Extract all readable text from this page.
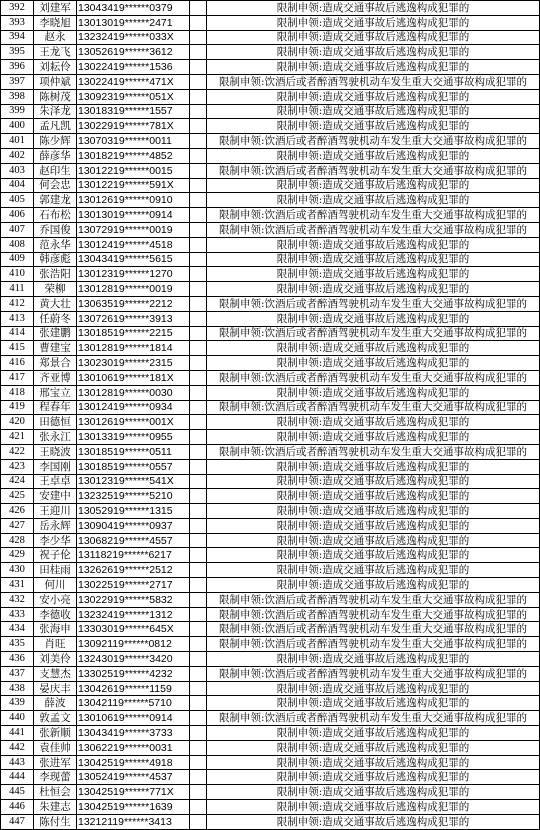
392	刘建军	13043419******0379		限制申领:造成交通事故后逃逸构成犯罪的
393	李晓旭	13013019******2471		限制申领:造成交通事故后逃逸构成犯罪的
394	赵永	13232419******033X		限制申领:造成交通事故后逃逸构成犯罪的
395	王龙飞	13052619******3612		限制申领:造成交通事故后逃逸构成犯罪的
396	刘耘伶	13022419******1536		限制申领:造成交通事故后逃逸构成犯罪的
397	项仲斌	13022419******471X		限制申领:饮酒后或者醉酒驾驶机动车发生重大交通事故构成犯罪的
398	陈树茂	13092319******051X		限制申领:造成交通事故后逃逸构成犯罪的
399	朱泽龙	13018319******1557		限制申领:造成交通事故后逃逸构成犯罪的
400	孟凡凯	13022919******781X		限制申领:造成交通事故后逃逸构成犯罪的
401	陈少辉	13070319******0011		限制申领:饮酒后或者醉酒驾驶机动车发生重大交通事故构成犯罪的
402	薛彦华	13018219******4852		限制申领:造成交通事故后逃逸构成犯罪的
403	赵印生	13012219******0015		限制申领:饮酒后或者醉酒驾驶机动车发生重大交通事故构成犯罪的
404	何会忠	13012219******591X		限制申领:造成交通事故后逃逸构成犯罪的
405	郭建龙	13012619******0910		限制申领:造成交通事故后逃逸构成犯罪的
406	石布松	13013019******0914		限制申领:饮酒后或者醉酒驾驶机动车发生重大交通事故构成犯罪的
407	乔国俊	13072919******0019		限制申领:饮酒后或者醉酒驾驶机动车发生重大交通事故构成犯罪的
408	范永华	13012419******4518		限制申领:造成交通事故后逃逸构成犯罪的
409	韩彦彪	13043419******5615		限制申领:造成交通事故后逃逸构成犯罪的
410	张浩阳	13012319******1270		限制申领:造成交通事故后逃逸构成犯罪的
411	荣柳	13012819******0019		限制申领:造成交通事故后逃逸构成犯罪的
412	黄大壮	13063519******2212		限制申领:饮酒后或者醉酒驾驶机动车发生重大交通事故构成犯罪的
413	任蔚冬	13072619******3913		限制申领:造成交通事故后逃逸构成犯罪的
414	张建鹏	13018519******2215		限制申领:饮酒后或者醉酒驾驶机动车发生重大交通事故构成犯罪的
415	曹建宝	13012819******1814		限制申领:造成交通事故后逃逸构成犯罪的
416	郑景合	13023019******2315		限制申领:造成交通事故后逃逸构成犯罪的
417	齐亚博	13010619******181X		限制申领:饮酒后或者醉酒驾驶机动车发生重大交通事故构成犯罪的
418	邢宝立	13012819******0030		限制申领:造成交通事故后逃逸构成犯罪的
419	程春年	13012419******0934		限制申领:饮酒后或者醉酒驾驶机动车发生重大交通事故构成犯罪的
420	田德恒	13012619******001X		限制申领:造成交通事故后逃逸构成犯罪的
421	张永江	13013319******0955		限制申领:造成交通事故后逃逸构成犯罪的
422	王晓波	13018519******0511		限制申领:饮酒后或者醉酒驾驶机动车发生重大交通事故构成犯罪的
423	李国刚	13018519******0557		限制申领:造成交通事故后逃逸构成犯罪的
424	王卓卓	13012319******541X		限制申领:造成交通事故后逃逸构成犯罪的
425	安建中	13232519******5210		限制申领:造成交通事故后逃逸构成犯罪的
426	王迎川	13052919******1315		限制申领:造成交通事故后逃逸构成犯罪的
427	岳永辉	13090419******0937		限制申领:造成交通事故后逃逸构成犯罪的
428	李少华	13068219******4557		限制申领:造成交通事故后逃逸构成犯罪的
429	祝子伦	13118219******6217		限制申领:造成交通事故后逃逸构成犯罪的
430	田桂雨	13262619******2512		限制申领:造成交通事故后逃逸构成犯罪的
431	何川	13022519******2717		限制申领:造成交通事故后逃逸构成犯罪的
432	安小亮	13022919******5832		限制申领:饮酒后或者醉酒驾驶机动车发生重大交通事故构成犯罪的
433	李德收	13232419******1312		限制申领:饮酒后或者醉酒驾驶机动车发生重大交通事故构成犯罪的
434	张海申	13303019******645X		限制申领:饮酒后或者醉酒驾驶机动车发生重大交通事故构成犯罪的
435	肖旺	13092119******0812		限制申领:饮酒后或者醉酒驾驶机动车发生重大交通事故构成犯罪的
436	刘美伶	13243019******3420		限制申领:造成交通事故后逃逸构成犯罪的
437	支慧杰	13302519******4232		限制申领:饮酒后或者醉酒驾驶机动车发生重大交通事故构成犯罪的
438	晏庆丰	13042619******1159		限制申领:造成交通事故后逃逸构成犯罪的
439	薛波	13042119******5710		限制申领:造成交通事故后逃逸构成犯罪的
440	敦孟文	13010619******0914		限制申领:饮酒后或者醉酒驾驶机动车发生重大交通事故构成犯罪的
441	张新顺	13043419******3733		限制申领:造成交通事故后逃逸构成犯罪的
442	袁佳帅	13062219******0031		限制申领:造成交通事故后逃逸构成犯罪的
443	张进军	13042519******4918		限制申领:造成交通事故后逃逸构成犯罪的
444	李现蕾	13052419******4537		限制申领:造成交通事故后逃逸构成犯罪的
445	杜恒会	13042519******771X		限制申领:造成交通事故后逃逸构成犯罪的
446	朱建志	13042519******1639		限制申领:造成交通事故后逃逸构成犯罪的
447	陈付生	13212119******3413		限制申领:造成交通事故后逃逸构成犯罪的
